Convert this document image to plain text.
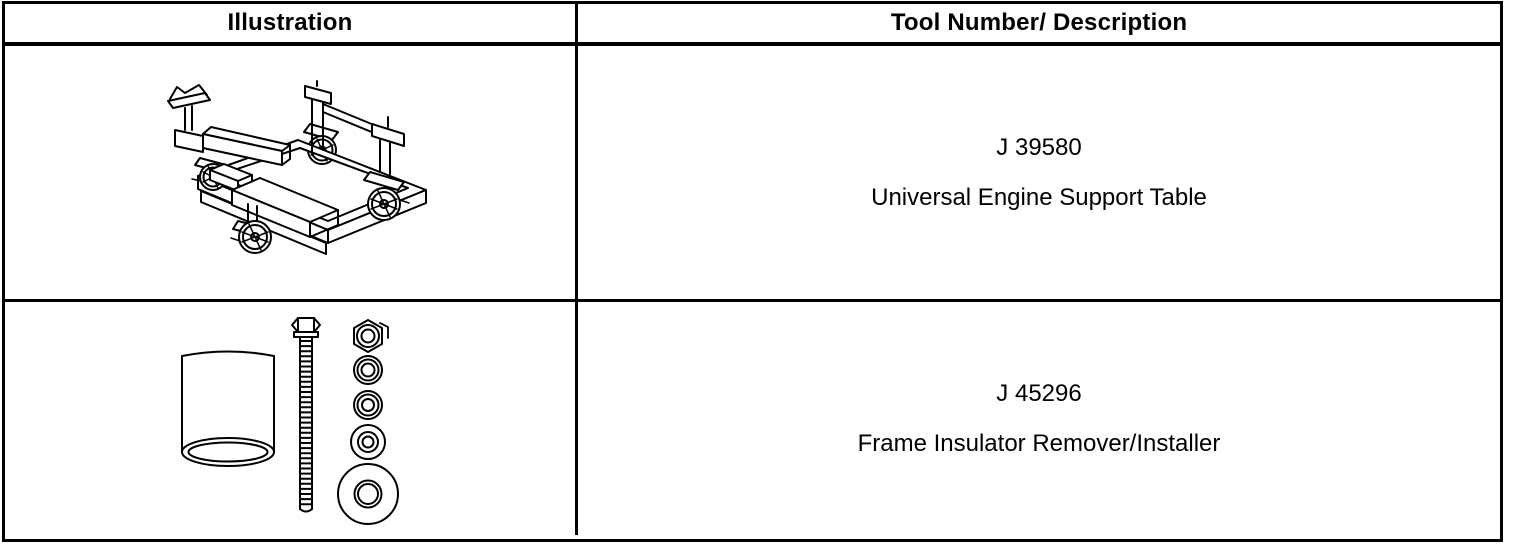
Illustration	Tool Number/ Description
J 39580
Universal Engine Support Table
J 45296
Frame Insulator Remover/Installer
